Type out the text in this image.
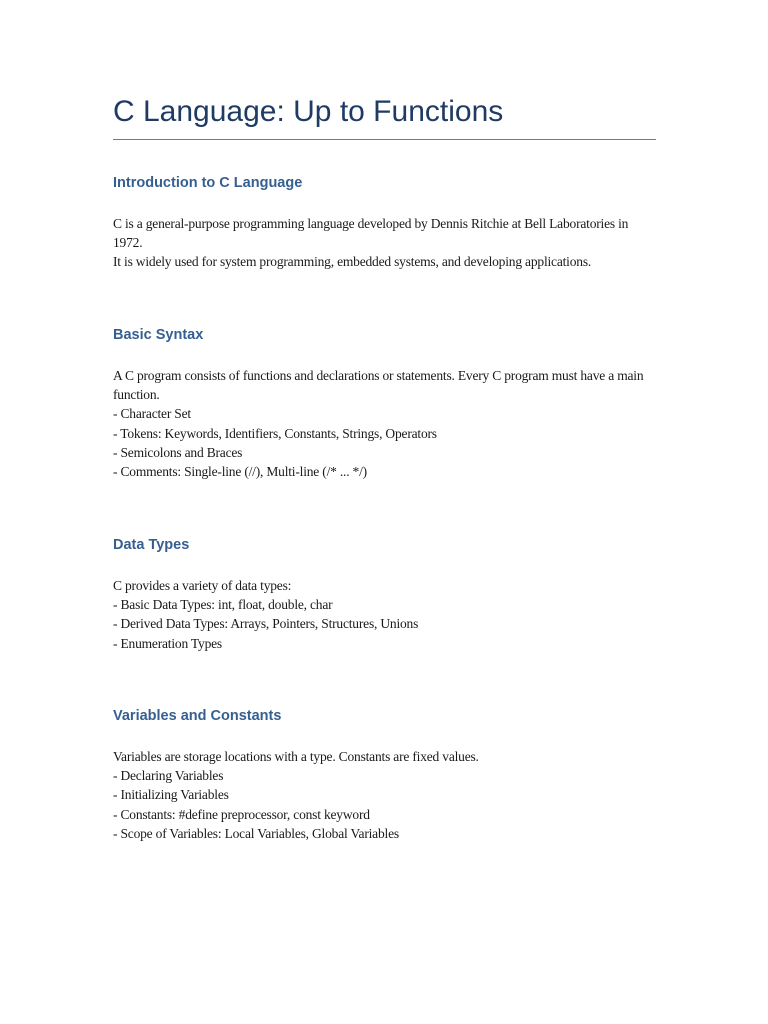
C Language: Up to Functions
Introduction to C Language

C is a general-purpose programming language developed by Dennis Ritchie at Bell Laboratories in 1972.

It is widely used for system programming, embedded systems, and developing applications.

Basic Syntax

A C program consists of functions and declarations or statements. Every C program must have a main function.

- Character Set
- Tokens: Keywords, Identifiers, Constants, Strings, Operators
- Semicolons and Braces
- Comments: Single-line (//), Multi-line (/* ... */)
Data Types

C provides a variety of data types:

- Basic Data Types: int, float, double, char
- Derived Data Types: Arrays, Pointers, Structures, Unions
- Enumeration Types
Variables and Constants

Variables are storage locations with a type. Constants are fixed values.

- Declaring Variables
- Initializing Variables
- Constants: #define preprocessor, const keyword
- Scope of Variables: Local Variables, Global Variables
